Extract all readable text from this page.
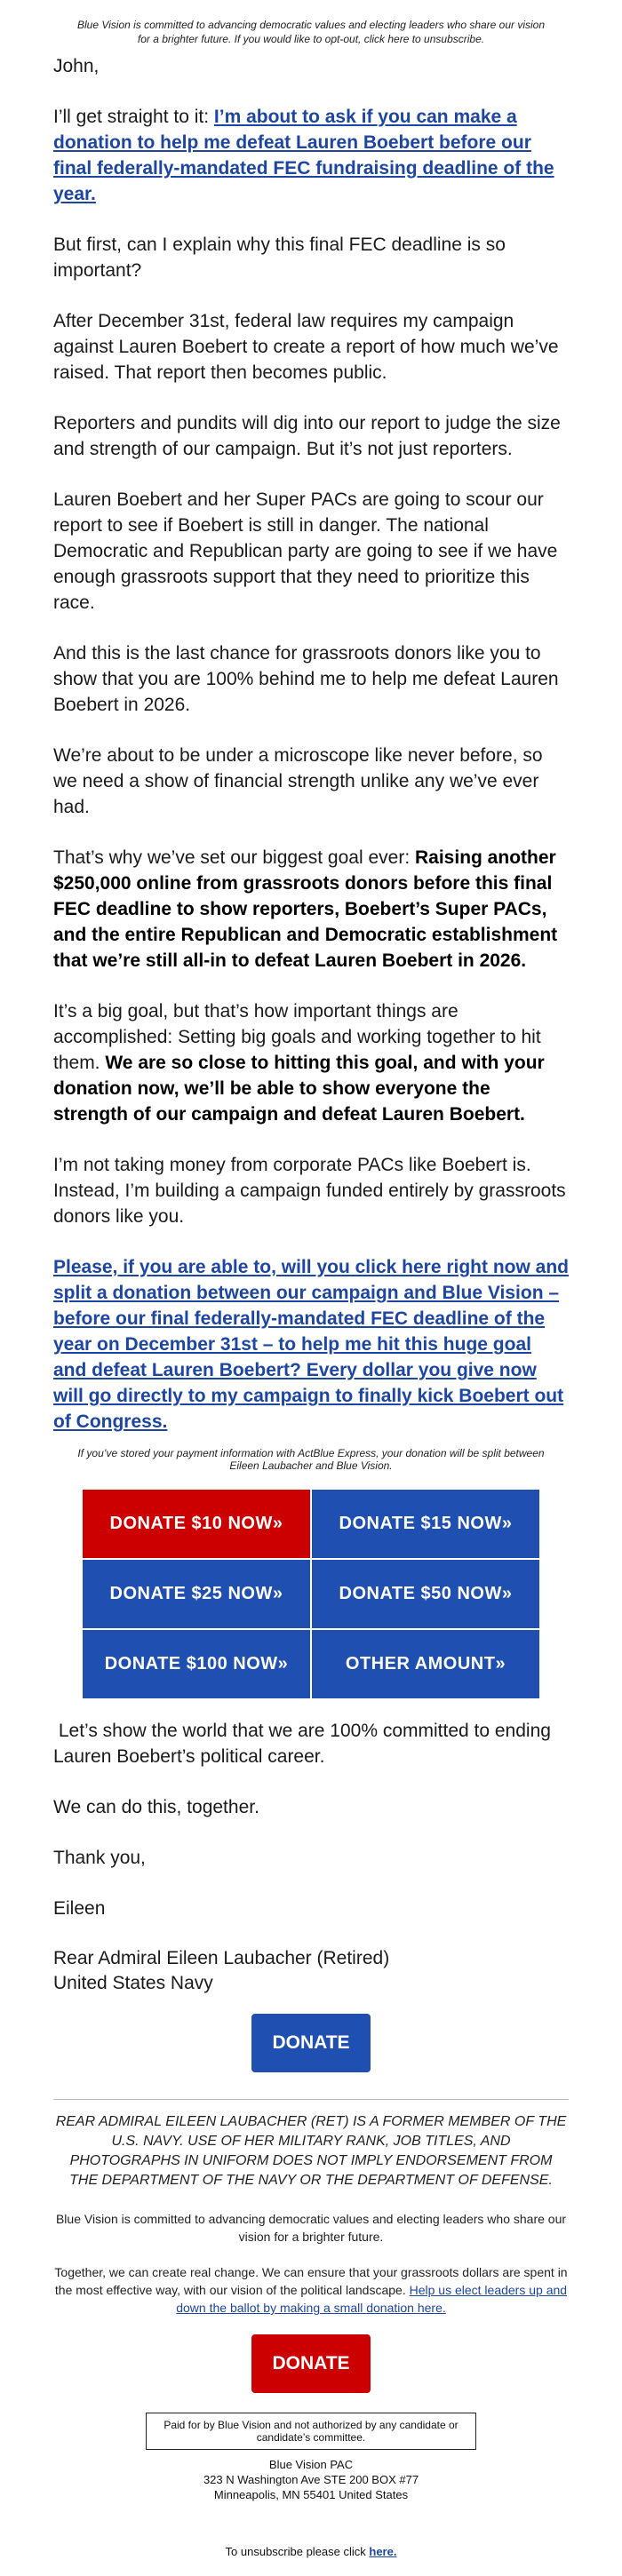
Blue Vision is committed to advancing democratic values and electing leaders who share our vision for a brighter future. If you would like to opt-out, click here to unsubscribe.

John,

I’ll get straight to it: I’m about to ask if you can make a donation to help me defeat Lauren Boebert before our final federally-mandated FEC fundraising deadline of the year.

But first, can I explain why this final FEC deadline is so important?

After December 31st, federal law requires my campaign against Lauren Boebert to create a report of how much we’ve raised. That report then becomes public.

Reporters and pundits will dig into our report to judge the size and strength of our campaign. But it’s not just reporters.

Lauren Boebert and her Super PACs are going to scour our report to see if Boebert is still in danger. The national Democratic and Republican party are going to see if we have enough grassroots support that they need to prioritize this race.

And this is the last chance for grassroots donors like you to show that you are 100% behind me to help me defeat Lauren Boebert in 2026.

We’re about to be under a microscope like never before, so we need a show of financial strength unlike any we’ve ever had.

That’s why we’ve set our biggest goal ever: Raising another $250,000 online from grassroots donors before this final FEC deadline to show reporters, Boebert’s Super PACs, and the entire Republican and Democratic establishment that we’re still all-in to defeat Lauren Boebert in 2026.

It’s a big goal, but that’s how important things are accomplished: Setting big goals and working together to hit them. We are so close to hitting this goal, and with your donation now, we’ll be able to show everyone the strength of our campaign and defeat Lauren Boebert.

I’m not taking money from corporate PACs like Boebert is. Instead, I’m building a campaign funded entirely by grassroots donors like you.

Please, if you are able to, will you click here right now and split a donation between our campaign and Blue Vision – before our final federally-mandated FEC deadline of the year on December 31st – to help me hit this huge goal and defeat Lauren Boebert? Every dollar you give now will go directly to my campaign to finally kick Boebert out of Congress.

If you’ve stored your payment information with ActBlue Express, your donation will be split between Eileen Laubacher and Blue Vision.
DONATE $10 NOW»	DONATE $15 NOW»
DONATE $25 NOW»	DONATE $50 NOW»
DONATE $100 NOW»	OTHER AMOUNT»

Let’s show the world that we are 100% committed to ending Lauren Boebert’s political career.

We can do this, together.

Thank you,

Eileen

Rear Admiral Eileen Laubacher (Retired)
United States Navy
DONATE
REAR ADMIRAL EILEEN LAUBACHER (RET) IS A FORMER MEMBER OF THE U.S. NAVY. USE OF HER MILITARY RANK, JOB TITLES, AND PHOTOGRAPHS IN UNIFORM DOES NOT IMPLY ENDORSEMENT FROM THE DEPARTMENT OF THE NAVY OR THE DEPARTMENT OF DEFENSE.
Blue Vision is committed to advancing democratic values and electing leaders who share our vision for a brighter future.
Together, we can create real change. We can ensure that your grassroots dollars are spent in the most effective way, with our vision of the political landscape. Help us elect leaders up and down the ballot by making a small donation here.
DONATE
Paid for by Blue Vision and not authorized by any candidate or candidate’s committee.
Blue Vision PAC
323 N Washington Ave STE 200 BOX #77
Minneapolis, MN 55401 United States
To unsubscribe please click here.
